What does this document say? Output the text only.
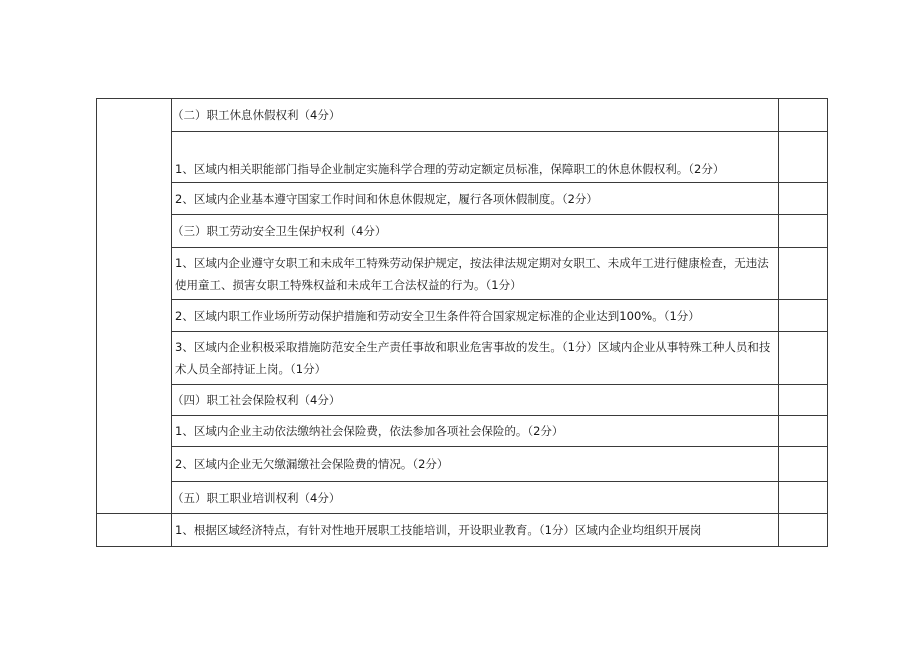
	（二）职工休息休假权利（4分）	

	1、区域内相关职能部门指导企业制定实施科学合理的劳动定额定员标准，保障职工的休息休假权利。（2分）	

	2、区域内企业基本遵守国家工作时间和休息休假规定，履行各项休假制度。（2分）	

	（三）职工劳动安全卫生保护权利（4分）	

	1、区域内企业遵守女职工和未成年工特殊劳动保护规定，按法律法规定期对女职工、未成年工进行健康检查，无违法使用童工、损害女职工特殊权益和未成年工合法权益的行为。（1分）	

	2、区域内职工作业场所劳动保护措施和劳动安全卫生条件符合国家规定标准的企业达到100%。（1分）	

	3、区域内企业积极采取措施防范安全生产责任事故和职业危害事故的发生。（1分）区域内企业从事特殊工种人员和技术人员全部持证上岗。（1分）	

	（四）职工社会保险权利（4分）	

	1、区域内企业主动依法缴纳社会保险费，依法参加各项社会保险的。（2分）	

	2、区域内企业无欠缴漏缴社会保险费的情况。（2分）	

	（五）职工职业培训权利（4分）	

	1、根据区域经济特点，有针对性地开展职工技能培训，开设职业教育。（1分）区域内企业均组织开展岗	
